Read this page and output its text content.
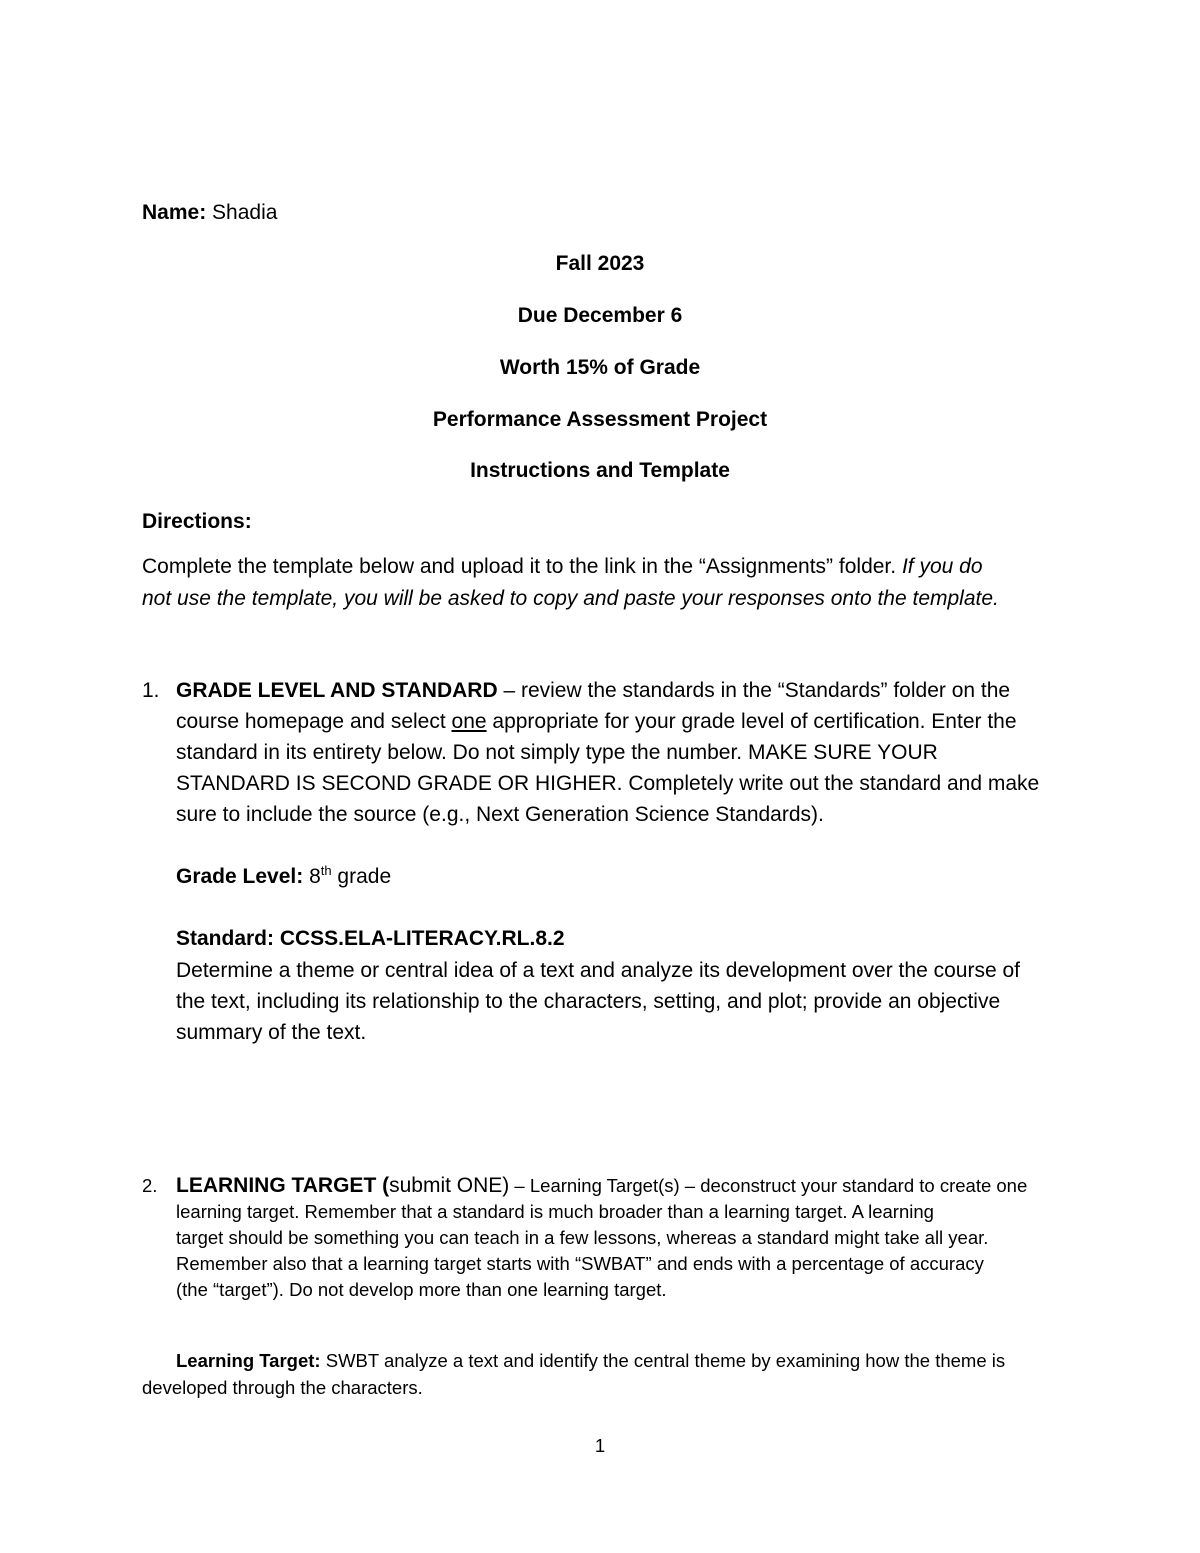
Name: Shadia

Fall 2023

Due December 6

Worth 15% of Grade

Performance Assessment Project

Instructions and Template

Directions:

Complete the template below and upload it to the link in the “Assignments” folder. If you do

not use the template, you will be asked to copy and paste your responses onto the template.

1. GRADE LEVEL AND STANDARD – review the standards in the “Standards” folder on the

course homepage and select one appropriate for your grade level of certification. Enter the

standard in its entirety below. Do not simply type the number. MAKE SURE YOUR

STANDARD IS SECOND GRADE OR HIGHER. Completely write out the standard and make

sure to include the source (e.g., Next Generation Science Standards).

Grade Level: 8th grade

Standard: CCSS.ELA-LITERACY.RL.8.2

Determine a theme or central idea of a text and analyze its development over the course of

the text, including its relationship to the characters, setting, and plot; provide an objective

summary of the text.

2. LEARNING TARGET (submit ONE) – Learning Target(s) – deconstruct your standard to create one

learning target. Remember that a standard is much broader than a learning target. A learning

target should be something you can teach in a few lessons, whereas a standard might take all year.

Remember also that a learning target starts with “SWBAT” and ends with a percentage of accuracy

(the “target”). Do not develop more than one learning target.

Learning Target: SWBT analyze a text and identify the central theme by examining how the theme is

developed through the characters.

1
